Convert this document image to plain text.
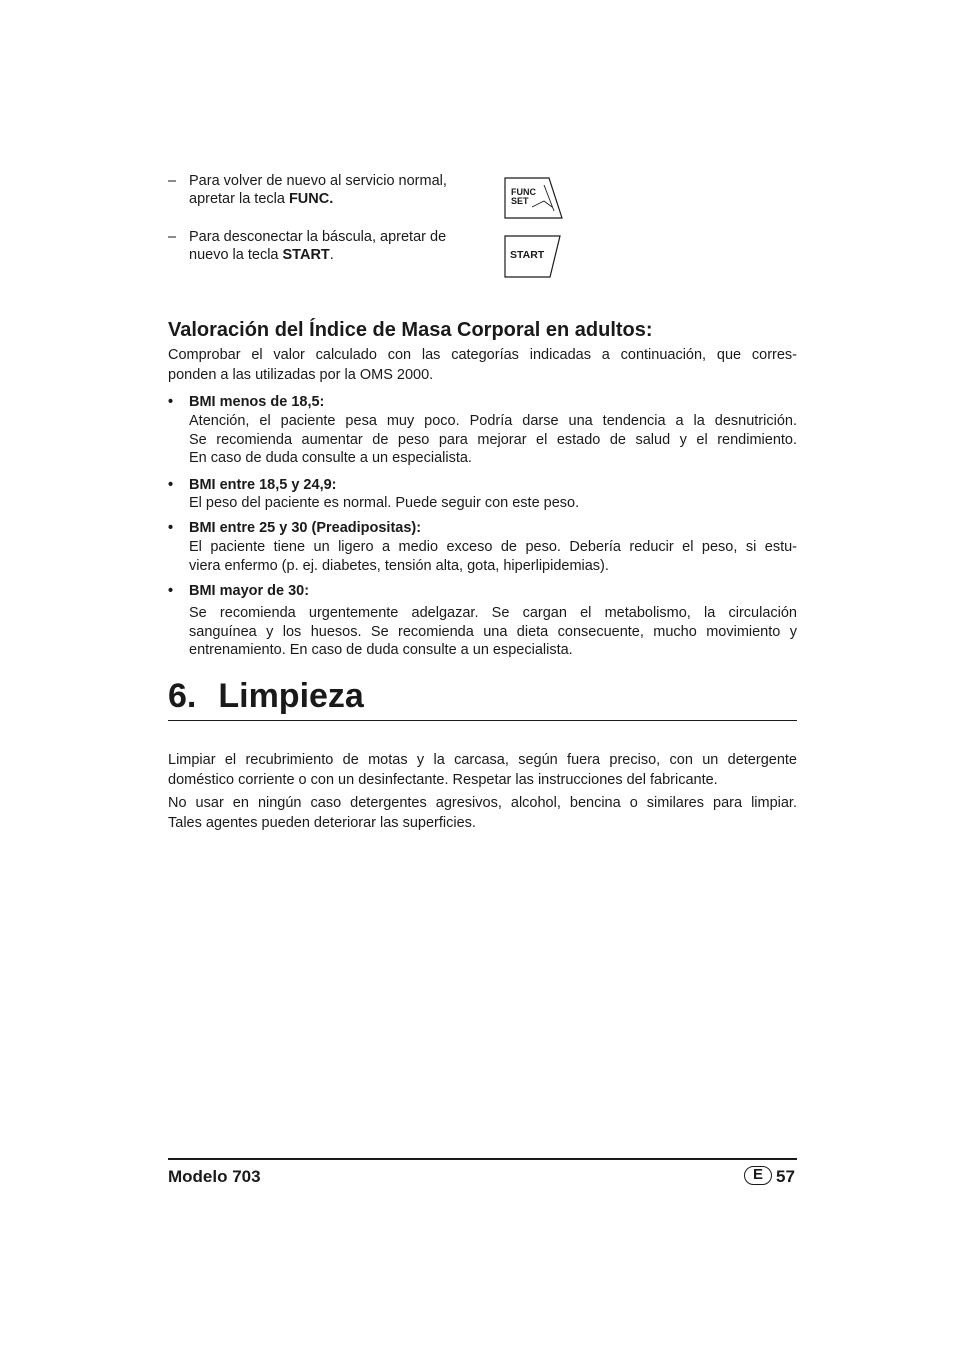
– Para volver de nuevo al servicio normal,
apretar la tecla FUNC.	FUNC
SET
– Para desconectar la báscula, apretar de
nuevo la tecla START.	START
Valoración del Índice de Masa Corporal en adultos:
Comprobar el valor calculado con las categorías indicadas a continuación, que corres-
ponden a las utilizadas por la OMS 2000.
• BMI menos de 18,5:
Atención, el paciente pesa muy poco. Podría darse una tendencia a la desnutrición.
Se recomienda aumentar de peso para mejorar el estado de salud y el rendimiento.
En caso de duda consulte a un especialista.
• BMI entre 18,5 y 24,9:
El peso del paciente es normal. Puede seguir con este peso.
• BMI entre 25 y 30 (Preadipositas):
El paciente tiene un ligero a medio exceso de peso. Debería reducir el peso, si estu-
viera enfermo (p. ej. diabetes, tensión alta, gota, hiperlipidemias).
• BMI mayor de 30:
Se recomienda urgentemente adelgazar. Se cargan el metabolismo, la circulación
sanguínea y los huesos. Se recomienda una dieta consecuente, mucho movimiento y
entrenamiento. En caso de duda consulte a un especialista.
6. Limpieza
Limpiar el recubrimiento de motas y la carcasa, según fuera preciso, con un detergente
doméstico corriente o con un desinfectante. Respetar las instrucciones del fabricante.
No usar en ningún caso detergentes agresivos, alcohol, bencina o similares para limpiar.
Tales agentes pueden deteriorar las superficies.
Modelo 703	E 57
